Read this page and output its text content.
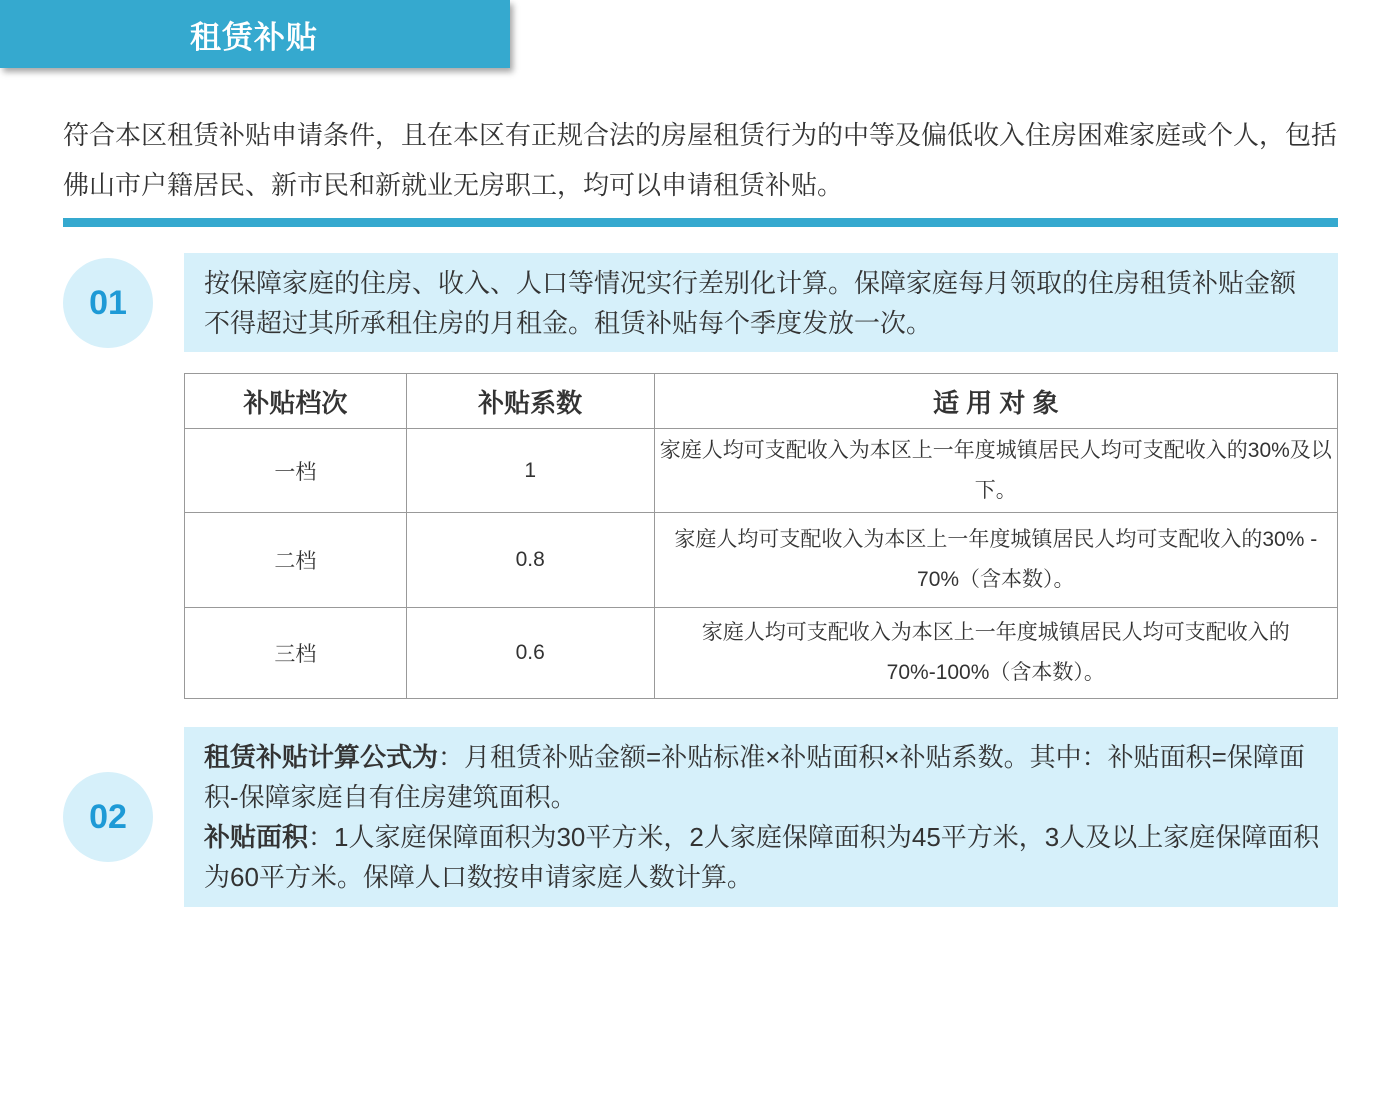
租赁补贴
符合本区租赁补贴申请条件，且在本区有正规合法的房屋租赁行为的中等及偏低收入住房困难家庭或个人，包括佛山市户籍居民、新市民和新就业无房职工，均可以申请租赁补贴。
01
按保障家庭的住房、收入、人口等情况实行差别化计算。保障家庭每月领取的住房租赁补贴金额不得超过其所承租住房的月租金。租赁补贴每个季度发放一次。
补贴档次	补贴系数	适 用 对 象
一档	1	家庭人均可支配收入为本区上一年度城镇居民人均可支配收入的30%及以下。
二档	0.8	家庭人均可支配收入为本区上一年度城镇居民人均可支配收入的30% - 70%（含本数）。
三档	0.6	家庭人均可支配收入为本区上一年度城镇居民人均可支配收入的70%-100%（含本数）。
02
租赁补贴计算公式为：月租赁补贴金额=补贴标准×补贴面积×补贴系数。其中：补贴面积=保障面积-保障家庭自有住房建筑面积。
补贴面积：1人家庭保障面积为30平方米，2人家庭保障面积为45平方米，3人及以上家庭保障面积为60平方米。保障人口数按申请家庭人数计算。
